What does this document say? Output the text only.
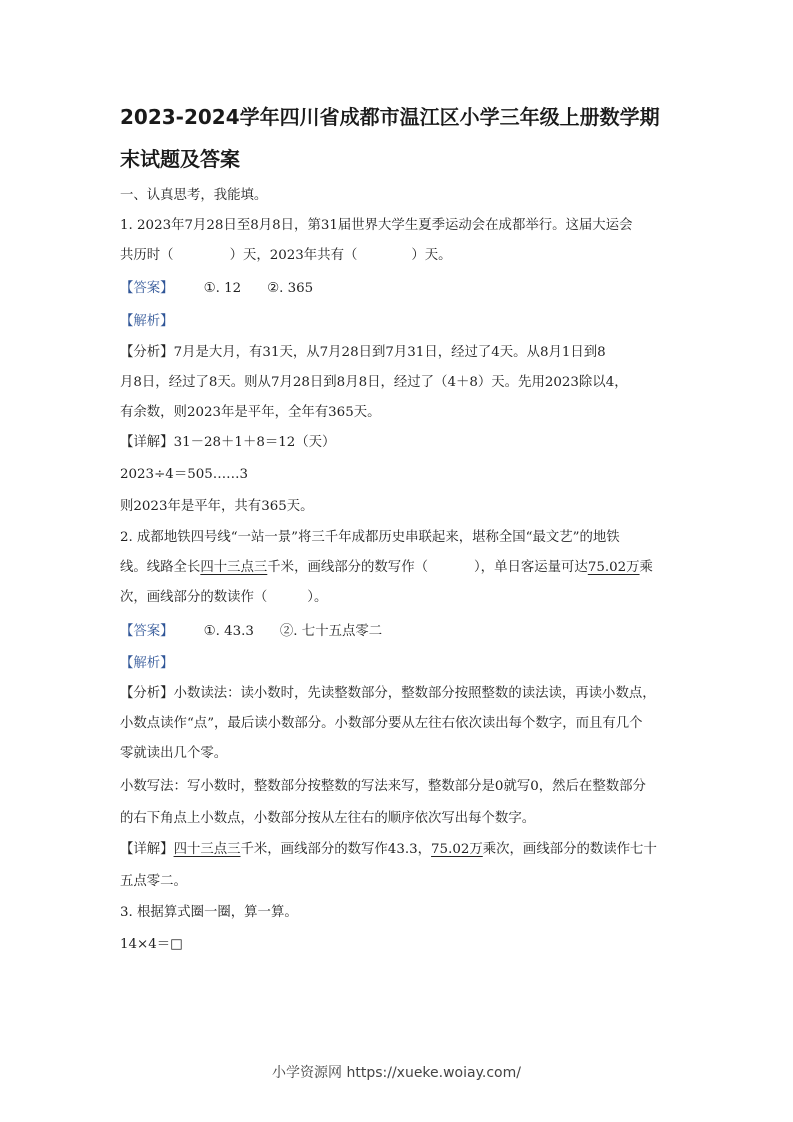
2023-2024学年四川省成都市温江区小学三年级上册数学期
末试题及答案
一、认真思考，我能填。
1. 2023年7月28日至8月8日，第31届世界大学生夏季运动会在成都举行。这届大运会
共历时（	）天，2023年共有（	）天。
【答案】 ①. 12 ②. 365
【解析】
【分析】7月是大月，有31天，从7月28日到7月31日，经过了4天。从8月1日到8
月8日，经过了8天。则从7月28日到8月8日，经过了（4＋8）天。先用2023除以4，
有余数，则2023年是平年，全年有365天。
【详解】31－28＋1＋8＝12（天）
2023÷4＝505……3
则2023年是平年，共有365天。
2. 成都地铁四号线“一站一景”将三千年成都历史串联起来，堪称全国“最文艺”的地铁
线。线路全长四十三点三千米，画线部分的数写作（	），单日客运量可达75.02万乘
次，画线部分的数读作（	）。
【答案】 ①. 43.3 ②. 七十五点零二
【解析】
【分析】小数读法：读小数时，先读整数部分，整数部分按照整数的读法读，再读小数点，
小数点读作“点”，最后读小数部分。小数部分要从左往右依次读出每个数字，而且有几个
零就读出几个零。
小数写法：写小数时，整数部分按整数的写法来写，整数部分是0就写0，然后在整数部分
的右下角点上小数点，小数部分按从左往右的顺序依次写出每个数字。
【详解】四十三点三千米，画线部分的数写作43.3，75.02万乘次，画线部分的数读作七十
五点零二。
3. 根据算式圈一圈，算一算。
14×4＝□
小学资源网 https://xueke.woiay.com/
